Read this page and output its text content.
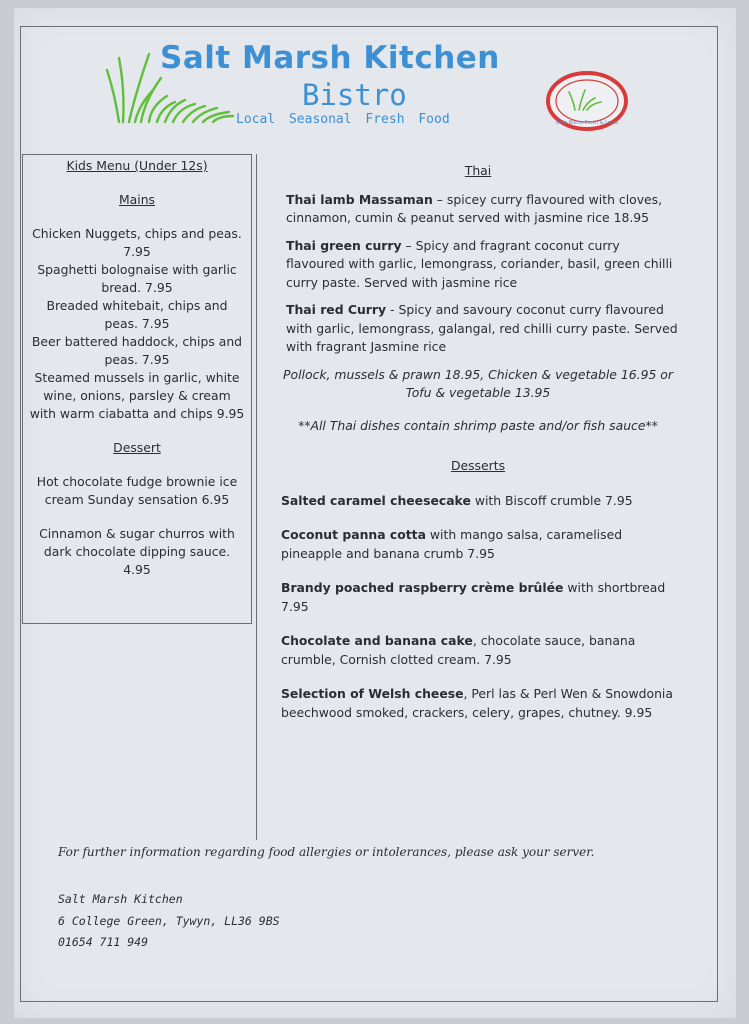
Salt Marsh Kitchen
Bistro
Local Seasonal Fresh Food	Cafe Bistro Fresh & Local
Kids Menu (Under 12s)
Mains
Chicken Nuggets, chips and peas. 7.95
Spaghetti bolognaise with garlic bread. 7.95
Breaded whitebait, chips and peas. 7.95
Beer battered haddock, chips and peas. 7.95
Steamed mussels in garlic, white wine, onions, parsley & cream with warm ciabatta and chips 9.95
Dessert
Hot chocolate fudge brownie ice cream Sunday sensation 6.95
Cinnamon & sugar churros with dark chocolate dipping sauce. 4.95
Thai

Thai lamb Massaman – spicey curry flavoured with cloves, cinnamon, cumin & peanut served with jasmine rice 18.95

Thai green curry – Spicy and fragrant coconut curry flavoured with garlic, lemongrass, coriander, basil, green chilli curry paste. Served with jasmine rice

Thai red Curry - Spicy and savoury coconut curry flavoured with garlic, lemongrass, galangal, red chilli curry paste. Served with fragrant Jasmine rice

Pollock, mussels & prawn 18.95, Chicken & vegetable 16.95 or Tofu & vegetable 13.95

**All Thai dishes contain shrimp paste and/or fish sauce**

Desserts

Salted caramel cheesecake with Biscoff crumble 7.95

Coconut panna cotta with mango salsa, caramelised pineapple and banana crumb 7.95

Brandy poached raspberry crème brûlée with shortbread 7.95

Chocolate and banana cake, chocolate sauce, banana crumble, Cornish clotted cream. 7.95

Selection of Welsh cheese, Perl las & Perl Wen & Snowdonia beechwood smoked, crackers, celery, grapes, chutney. 9.95

For further information regarding food allergies or intolerances, please ask your server.
Salt Marsh Kitchen
6 College Green, Tywyn, LL36 9BS
01654 711 949
